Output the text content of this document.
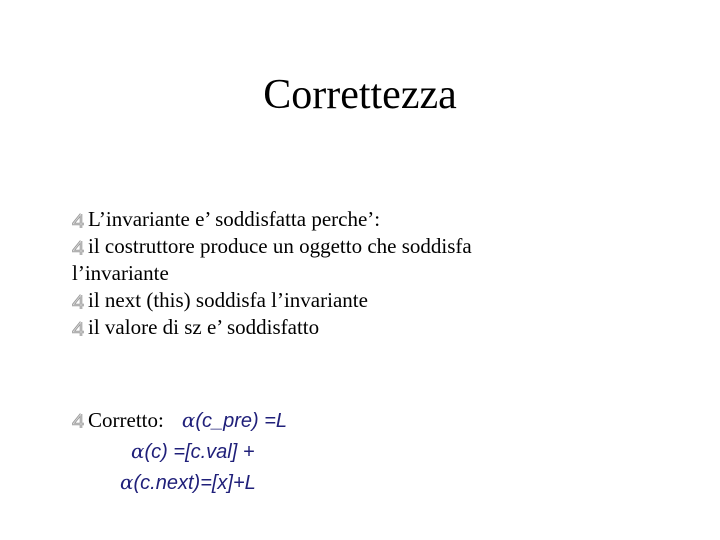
Correttezza
L’invariante e’ soddisfatta perche’:
il costruttore produce un oggetto che soddisfa
l’invariante
il next (this) soddisfa l’invariante
il valore di sz e’ soddisfatto
Corretto: α(c_pre) =L
α(c) =[c.val] +
α(c.next)=[x]+L
